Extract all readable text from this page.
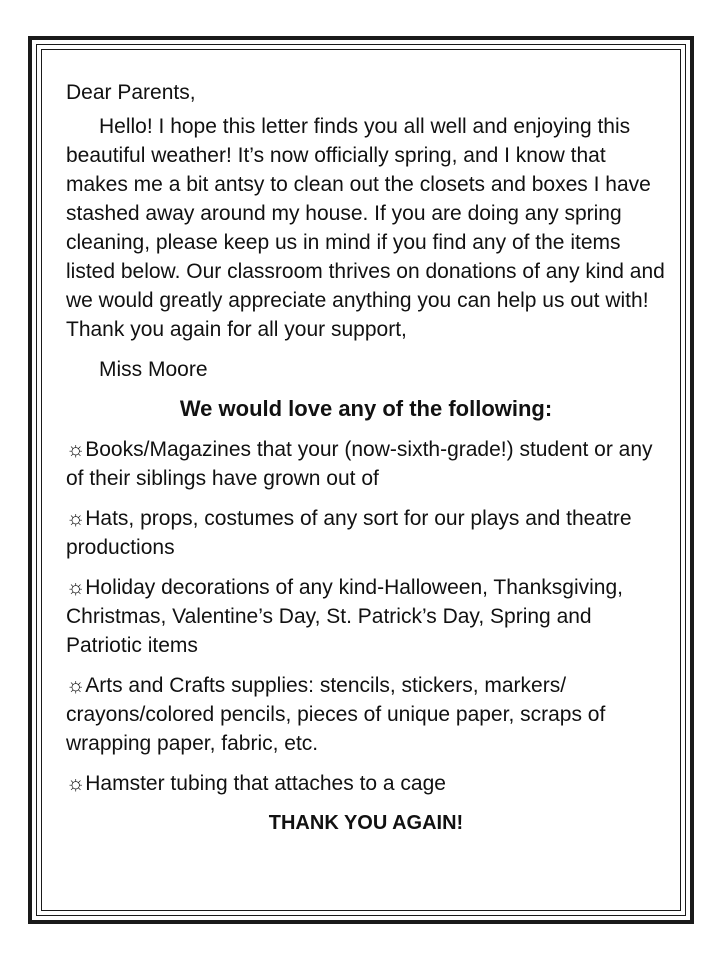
Dear Parents,

Hello! I hope this letter finds you all well and enjoying this beautiful weather! It’s now officially spring, and I know that makes me a bit antsy to clean out the closets and boxes I have stashed away around my house. If you are doing any spring cleaning, please keep us in mind if you find any of the items listed below. Our classroom thrives on donations of any kind and we would greatly appreciate anything you can help us out with! Thank you again for all your support,

Miss Moore

We would love any of the following:

☼Books/Magazines that your (now-sixth-grade!) student or any of their siblings have grown out of

☼Hats, props, costumes of any sort for our plays and theatre productions

☼Holiday decorations of any kind-Halloween, Thanksgiving, Christmas, Valentine’s Day, St. Patrick’s Day, Spring and Patriotic items

☼Arts and Crafts supplies: stencils, stickers, markers/ crayons/colored pencils, pieces of unique paper, scraps of wrapping paper, fabric, etc.

☼Hamster tubing that attaches to a cage

THANK YOU AGAIN!
